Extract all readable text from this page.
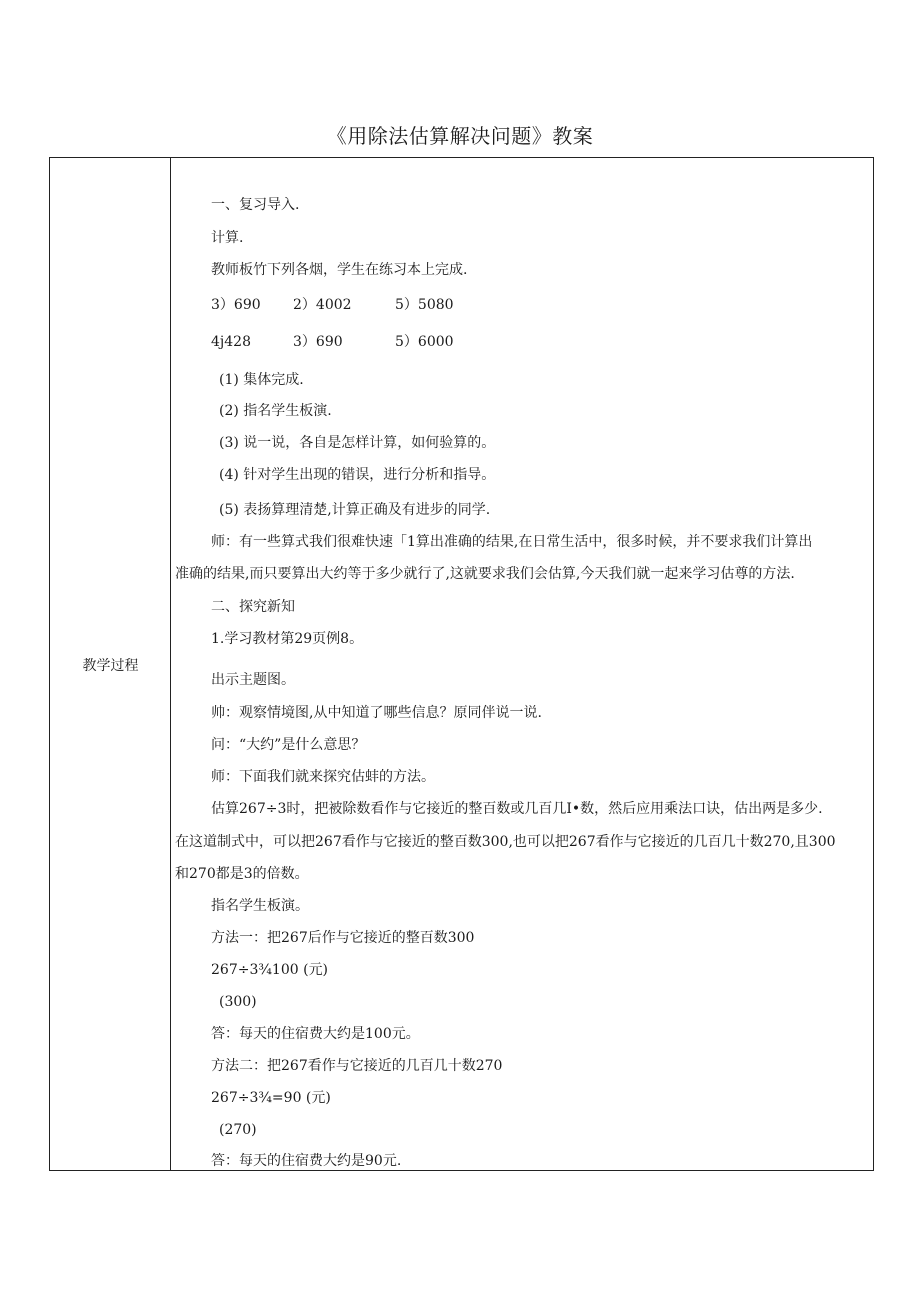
《用除法估算解决问题》教案
教学过程
一、复习导入.
计算.
教师板竹下列各烟，学生在练习本上完成.
3）690 2）4002	5）5080
4j428	3）690	5）6000
(1) 集体完成.
(2) 指名学生板演.
(3) 说一说，各自是怎样计算，如何验算的。
(4) 针对学生出现的错误，进行分析和指导。
(5) 表扬算理清楚,计算正确及有进步的同学.
师：有一些算式我们很难快速「1算出准确的结果,在日常生活中，很多时候，并不要求我们计算出
准确的结果,而只要算出大约等于多少就行了,这就要求我们会估算,今天我们就一起来学习估尊的方法.
二、探究新知
1.学习教材第29页例8。
出示主题图。
帅：观察情境图,从中知道了哪些信息？原同伴说一说.
问：“大约”是什么意思？
师：下面我们就来探究估蚌的方法。
估算267÷3时，把被除数看作与它接近的整百数或几百几I•数，然后应用乘法口诀，估出两是多少.
在这道制式中，可以把267看作与它接近的整百数300,也可以把267看作与它接近的几百几十数270,且300
和270都是3的倍数。
指名学生板演。
方法一：把267后作与它接近的整百数300
267÷3¾100 (元)
(300)
答：每天的住宿费大约是100元。
方法二：把267看作与它接近的几百几十数270
267÷3¾=90 (元)
(270)
答：每天的住宿费大约是90元.
